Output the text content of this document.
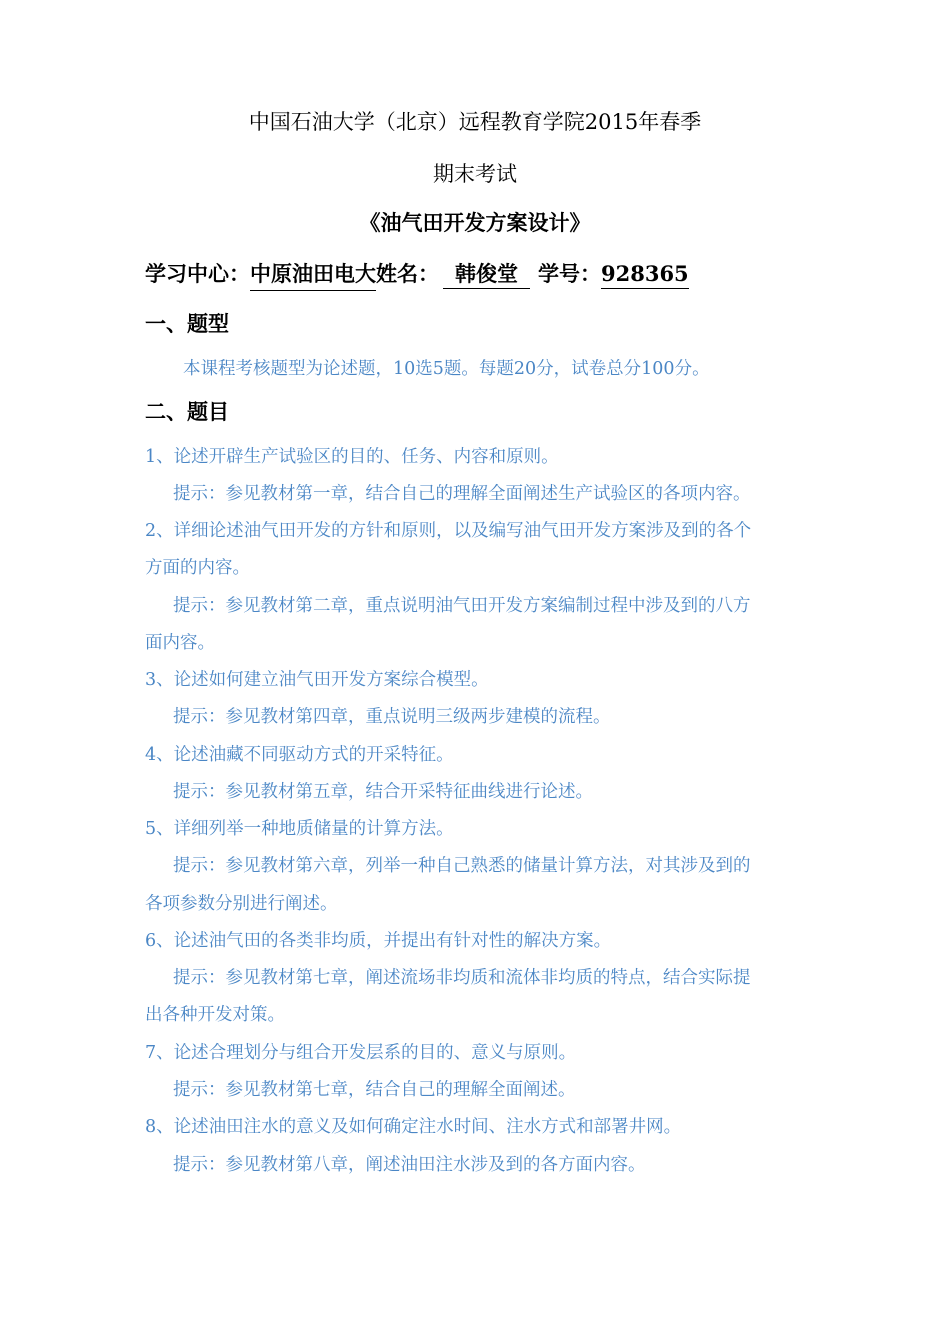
中国石油大学（北京）远程教育学院2015年春季
期末考试
《油气田开发方案设计》
学习中心： 中原油田电大 姓名： 韩俊堂 学号： 928365
一、题型
本课程考核题型为论述题，10选5题。每题20分，试卷总分100分。
二、题目
1、论述开辟生产试验区的目的、任务、内容和原则。
提示：参见教材第一章，结合自己的理解全面阐述生产试验区的各项内容。
2、详细论述油气田开发的方针和原则，以及编写油气田开发方案涉及到的各个
方面的内容。
提示：参见教材第二章，重点说明油气田开发方案编制过程中涉及到的八方
面内容。
3、论述如何建立油气田开发方案综合模型。
提示：参见教材第四章，重点说明三级两步建模的流程。
4、论述油藏不同驱动方式的开采特征。
提示：参见教材第五章，结合开采特征曲线进行论述。
5、详细列举一种地质储量的计算方法。
提示：参见教材第六章，列举一种自己熟悉的储量计算方法，对其涉及到的
各项参数分别进行阐述。
6、论述油气田的各类非均质，并提出有针对性的解决方案。
提示：参见教材第七章，阐述流场非均质和流体非均质的特点，结合实际提
出各种开发对策。
7、论述合理划分与组合开发层系的目的、意义与原则。
提示：参见教材第七章，结合自己的理解全面阐述。
8、论述油田注水的意义及如何确定注水时间、注水方式和部署井网。
提示：参见教材第八章，阐述油田注水涉及到的各方面内容。
